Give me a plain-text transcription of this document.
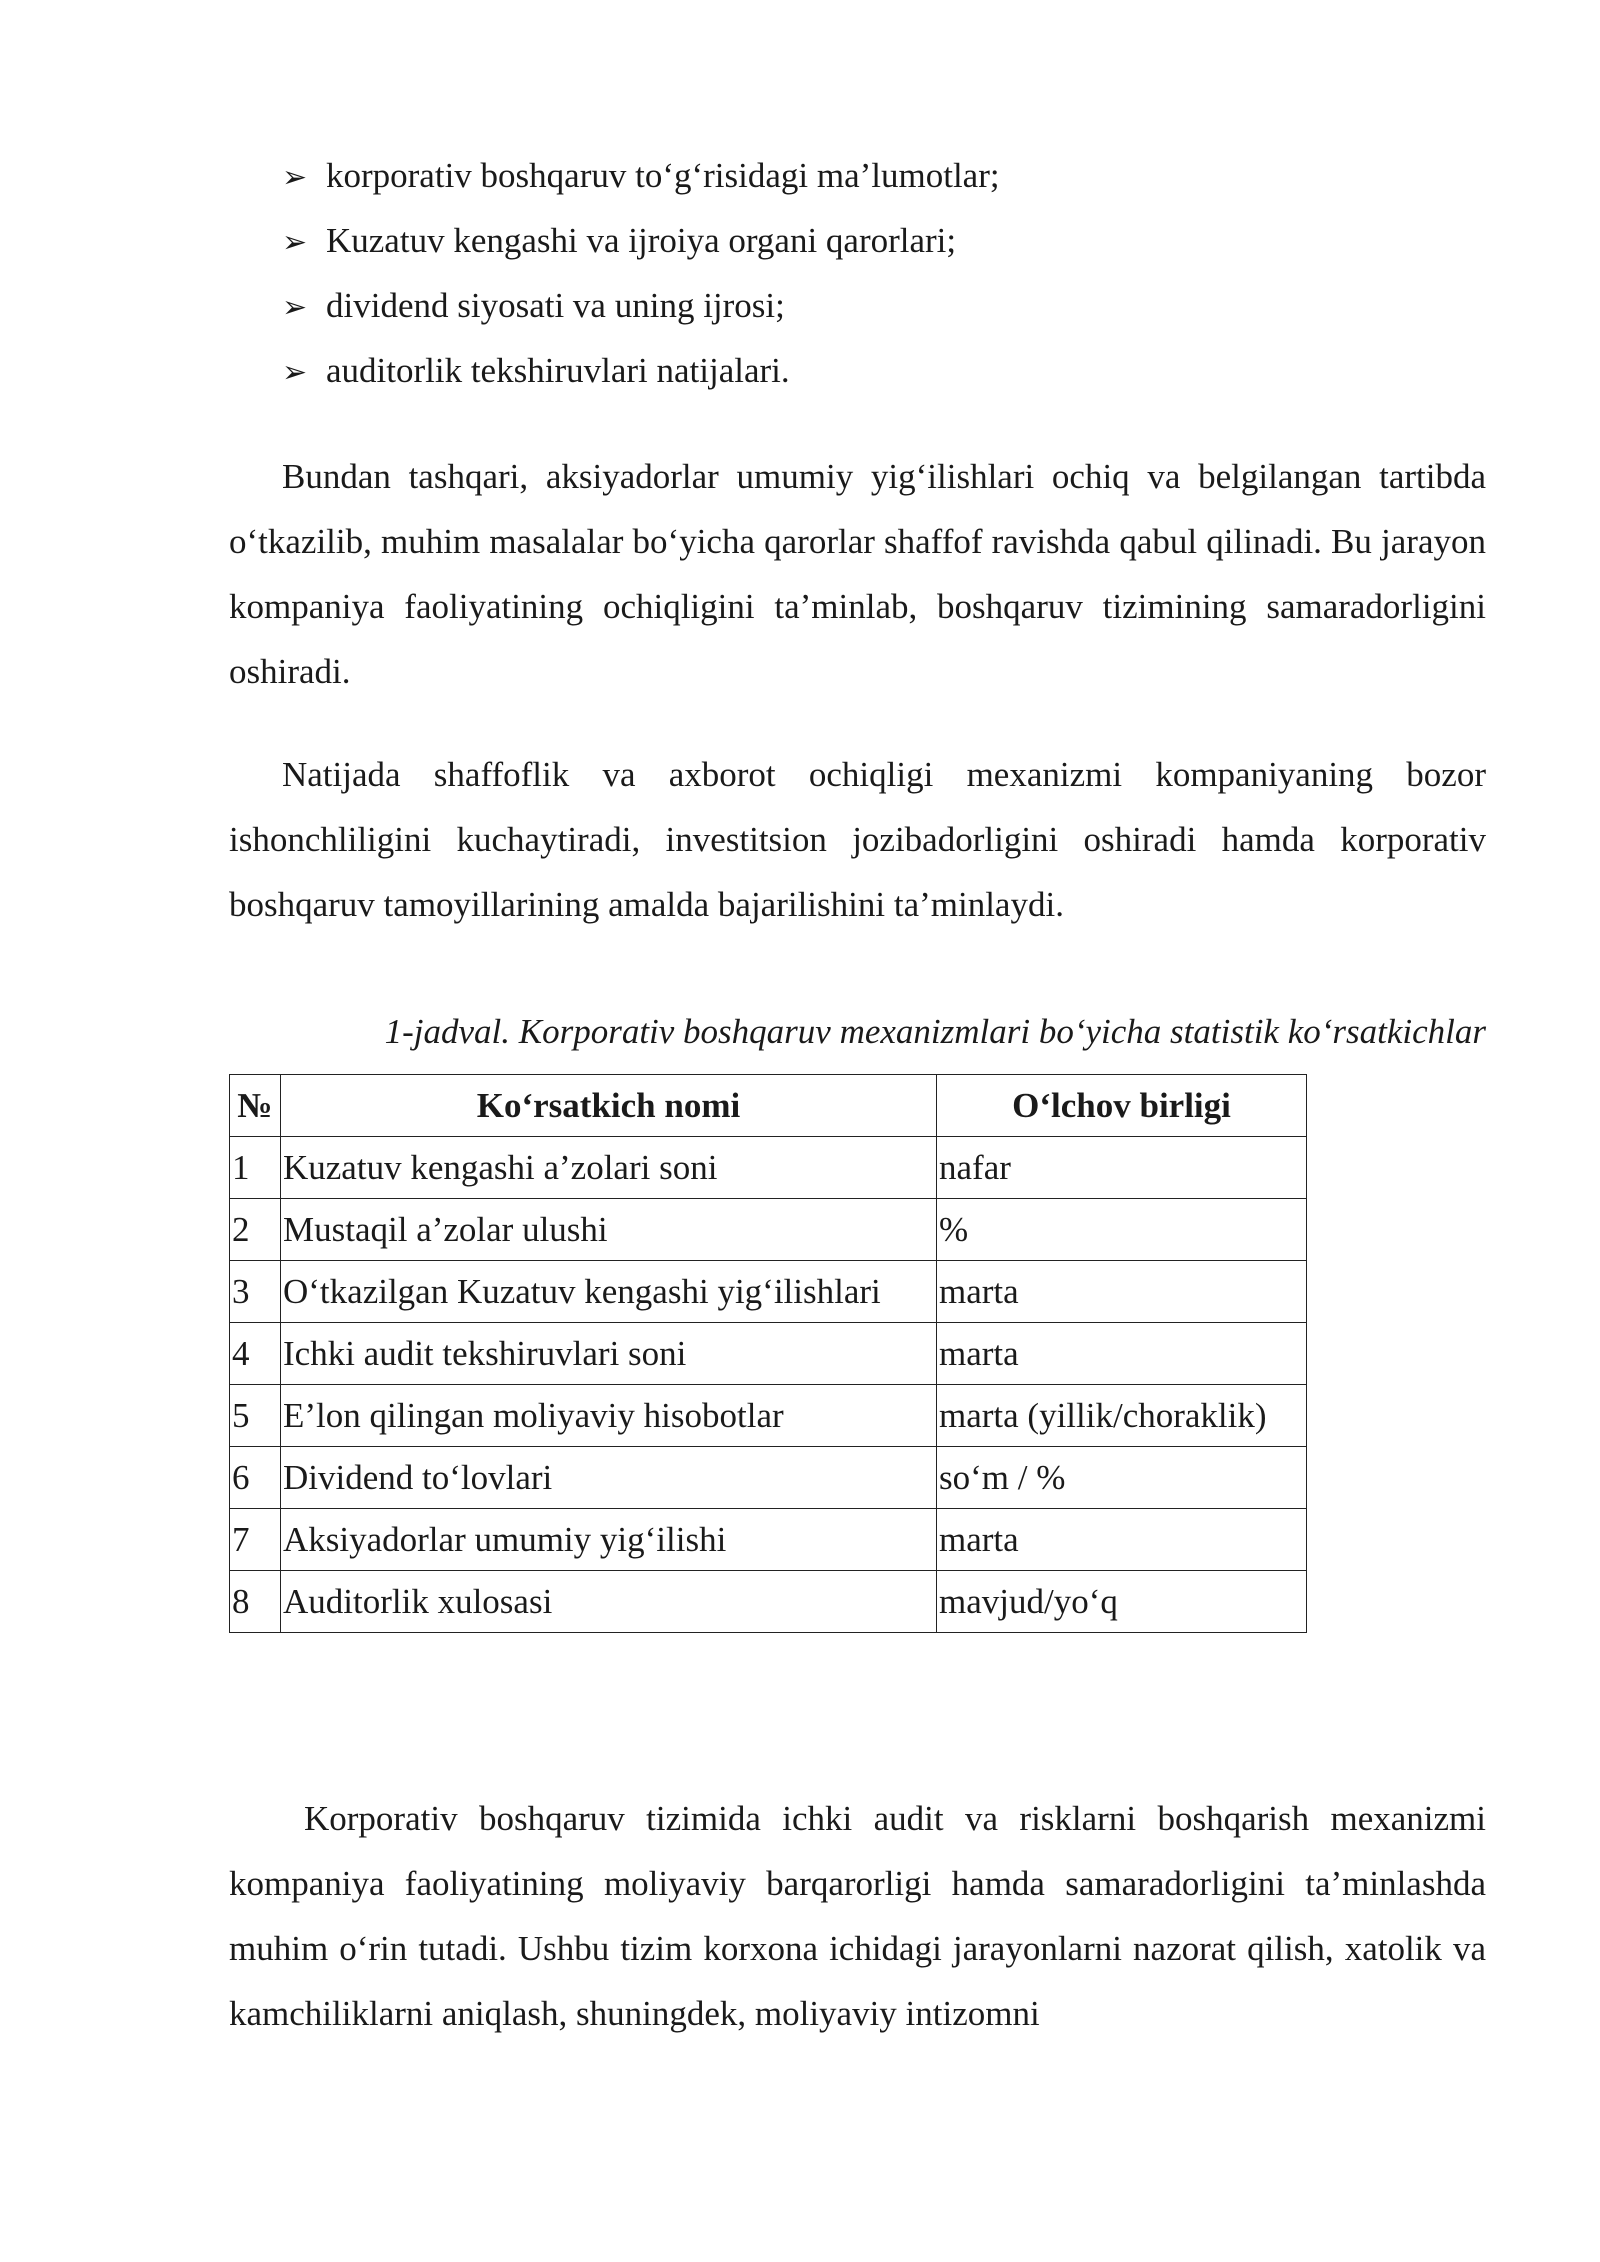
➢ korporativ boshqaruv to‘g‘risidagi ma’lumotlar;
➢ Kuzatuv kengashi va ijroiya organi qarorlari;
➢ dividend siyosati va uning ijrosi;
➢ auditorlik tekshiruvlari natijalari.

Bundan tashqari, aksiyadorlar umumiy yig‘ilishlari ochiq va belgilangan tartibda o‘tkazilib, muhim masalalar bo‘yicha qarorlar shaffof ravishda qabul qilinadi. Bu jarayon kompaniya faoliyatining ochiqligini ta’minlab, boshqaruv tizimining samaradorligini oshiradi.

Natijada shaffoflik va axborot ochiqligi mexanizmi kompaniyaning bozor ishonchliligini kuchaytiradi, investitsion jozibadorligini oshiradi hamda korporativ boshqaruv tamoyillarining amalda bajarilishini ta’minlaydi.

1-jadval. Korporativ boshqaruv mexanizmlari bo‘yicha statistik ko‘rsatkichlar
№	Ko‘rsatkich nomi	O‘lchov birligi
1	Kuzatuv kengashi a’zolari soni	nafar
2	Mustaqil a’zolar ulushi	%
3	O‘tkazilgan Kuzatuv kengashi yig‘ilishlari	marta
4	Ichki audit tekshiruvlari soni	marta
5	E’lon qilingan moliyaviy hisobotlar	marta (yillik/choraklik)
6	Dividend to‘lovlari	so‘m / %
7	Aksiyadorlar umumiy yig‘ilishi	marta
8	Auditorlik xulosasi	mavjud/yo‘q

Korporativ boshqaruv tizimida ichki audit va risklarni boshqarish mexanizmi kompaniya faoliyatining moliyaviy barqarorligi hamda samaradorligini ta’minlashda muhim o‘rin tutadi. Ushbu tizim korxona ichidagi jarayonlarni nazorat qilish, xatolik va kamchiliklarni aniqlash, shuningdek, moliyaviy intizomni
